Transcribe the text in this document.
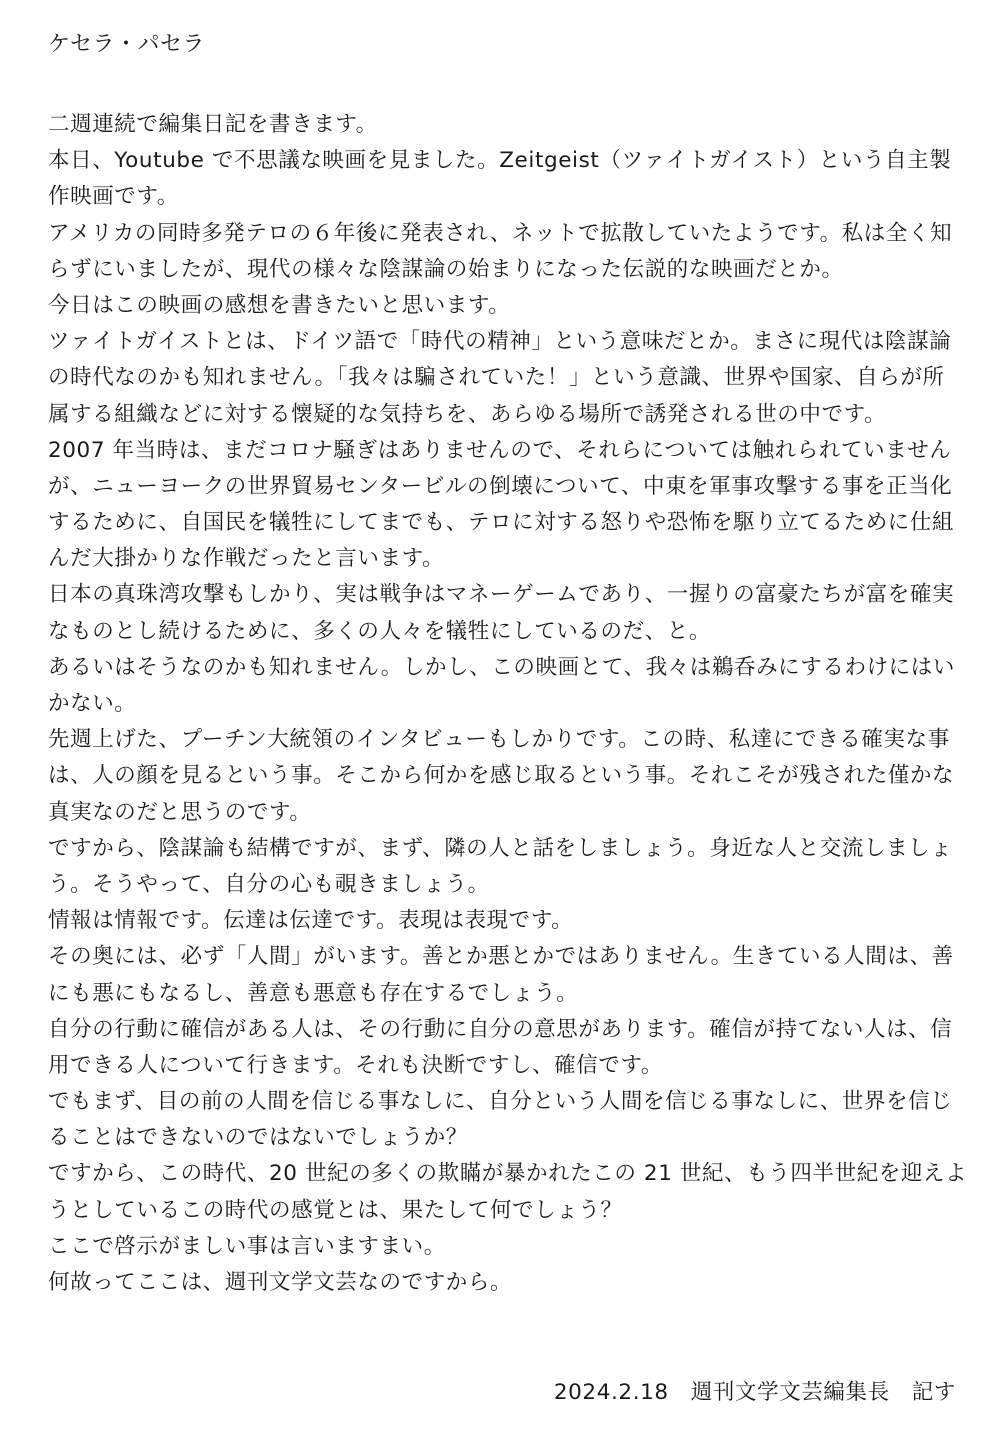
ケセラ・パセラ
二週連続で編集日記を書きます。
本日、Youtube で不思議な映画を見ました。Zeitgeist（ツァイトガイスト）という自主製
作映画です。
アメリカの同時多発テロの６年後に発表され、ネットで拡散していたようです。私は全く知
らずにいましたが、現代の様々な陰謀論の始まりになった伝説的な映画だとか。
今日はこの映画の感想を書きたいと思います。
ツァイトガイストとは、ドイツ語で「時代の精神」という意味だとか。まさに現代は陰謀論
の時代なのかも知れません。「我々は騙されていた！」という意識、世界や国家、自らが所
属する組織などに対する懐疑的な気持ちを、あらゆる場所で誘発される世の中です。
2007 年当時は、まだコロナ騒ぎはありませんので、それらについては触れられていません
が、ニューヨークの世界貿易センタービルの倒壊について、中東を軍事攻撃する事を正当化
するために、自国民を犠牲にしてまでも、テロに対する怒りや恐怖を駆り立てるために仕組
んだ大掛かりな作戦だったと言います。
日本の真珠湾攻撃もしかり、実は戦争はマネーゲームであり、一握りの富豪たちが富を確実
なものとし続けるために、多くの人々を犠牲にしているのだ、と。
あるいはそうなのかも知れません。しかし、この映画とて、我々は鵜呑みにするわけにはい
かない。
先週上げた、プーチン大統領のインタビューもしかりです。この時、私達にできる確実な事
は、人の顔を見るという事。そこから何かを感じ取るという事。それこそが残された僅かな
真実なのだと思うのです。
ですから、陰謀論も結構ですが、まず、隣の人と話をしましょう。身近な人と交流しましょ
う。そうやって、自分の心も覗きましょう。
情報は情報です。伝達は伝達です。表現は表現です。
その奥には、必ず「人間」がいます。善とか悪とかではありません。生きている人間は、善
にも悪にもなるし、善意も悪意も存在するでしょう。
自分の行動に確信がある人は、その行動に自分の意思があります。確信が持てない人は、信
用できる人について行きます。それも決断ですし、確信です。
でもまず、目の前の人間を信じる事なしに、自分という人間を信じる事なしに、世界を信じ
ることはできないのではないでしょうか？
ですから、この時代、20 世紀の多くの欺瞞が暴かれたこの 21 世紀、もう四半世紀を迎えよ
うとしているこの時代の感覚とは、果たして何でしょう？
ここで啓示がましい事は言いますまい。
何故ってここは、週刊文学文芸なのですから。
2024.2.18　週刊文学文芸編集長　記す
